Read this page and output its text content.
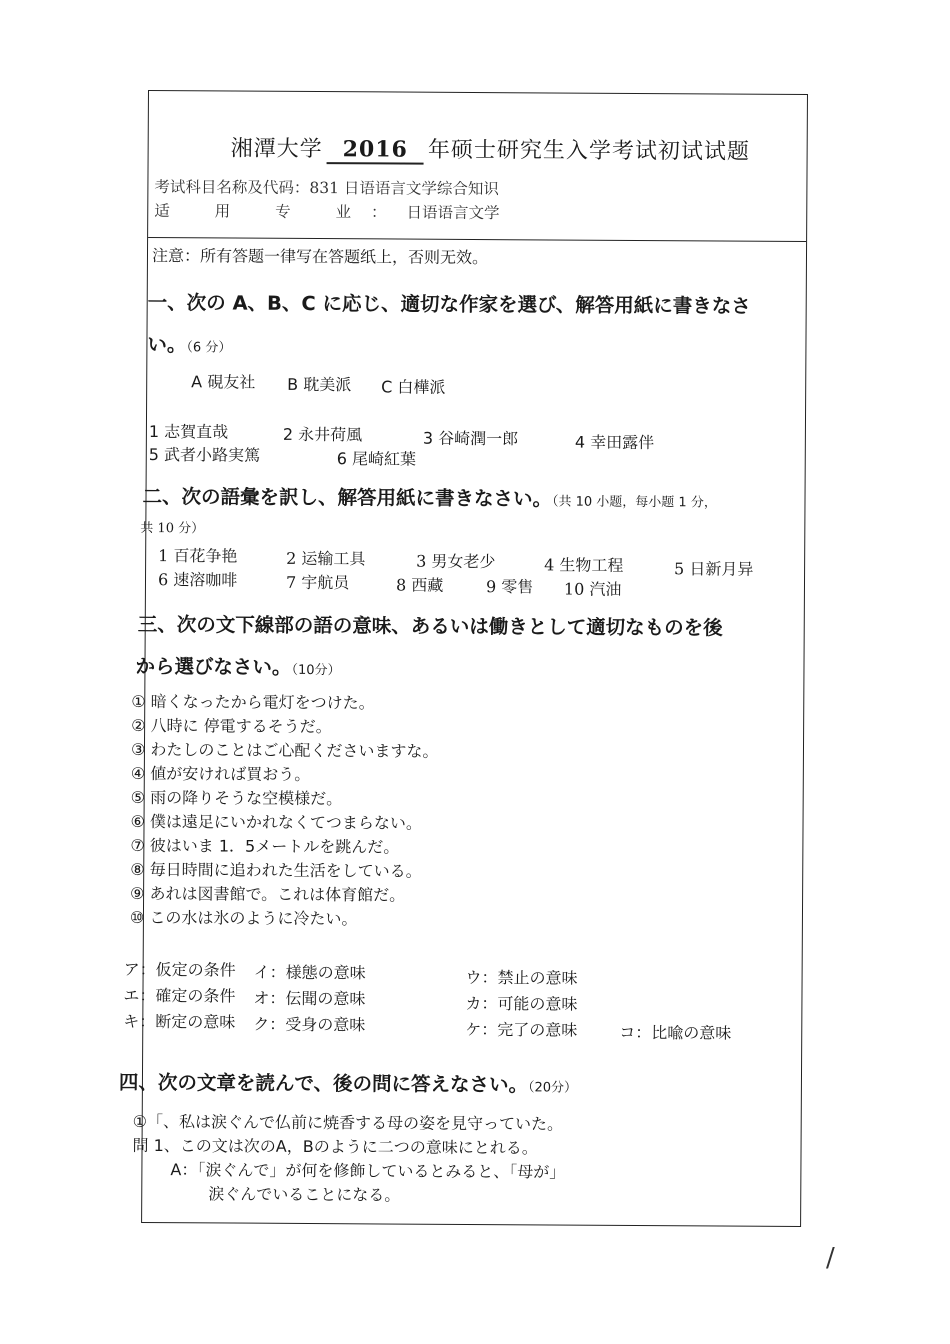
湘潭大学 2016 年硕士研究生入学考试初试试题
考试科目名称及代码：831 日语语言文学综合知识
适 用 专 业：日语语言文学
注意：所有答题一律写在答题纸上，否则无效。
一、次の A、B、C に応じ、適切な作家を選び、解答用紙に書きなさ
い。（6 分）
A 硯友社 B 耽美派 C 白樺派
1 志賀直哉	2 永井荷風	3 谷崎潤一郎	4 幸田露伴
5 武者小路実篤	6 尾崎紅葉
二、次の語彙を訳し、解答用紙に書きなさい。（共 10 小题，每小题 1 分，
共 10 分）
1 百花争艳	2 运输工具	3 男女老少	4 生物工程	5 日新月异
6 速溶咖啡	7 宇航员	8 西藏	9 零售 10 汽油
三、次の文下線部の語の意味、あるいは働きとして適切なものを後
から選びなさい。（10分）
① 暗くなったから電灯をつけた。
② 八時に 停電するそうだ。
③ わたしのことはご心配くださいますな。
④ 値が安ければ買おう。
⑤ 雨の降りそうな空模様だ。
⑥ 僕は遠足にいかれなくてつまらない。
⑦ 彼はいま 1．5メートルを跳んだ。
⑧ 毎日時間に追われた生活をしている。
⑨ あれは図書館で。これは体育館だ。
⑩ この水は氷のように冷たい。
ア：仮定の条件 イ：様態の意味	ウ：禁止の意味
エ：確定の条件 オ：伝聞の意味	カ：可能の意味
キ：断定の意味 ク：受身の意味	ケ：完了の意味	コ：比喩の意味
四、次の文章を読んで、後の問に答えなさい。（20分）
①「、私は涙ぐんで仏前に焼香する母の姿を見守っていた。
問 1、この文は次のA，Bのように二つの意味にとれる。
A：「涙ぐんで」が何を修飾しているとみると、「母が」
涙ぐんでいることになる。
/
